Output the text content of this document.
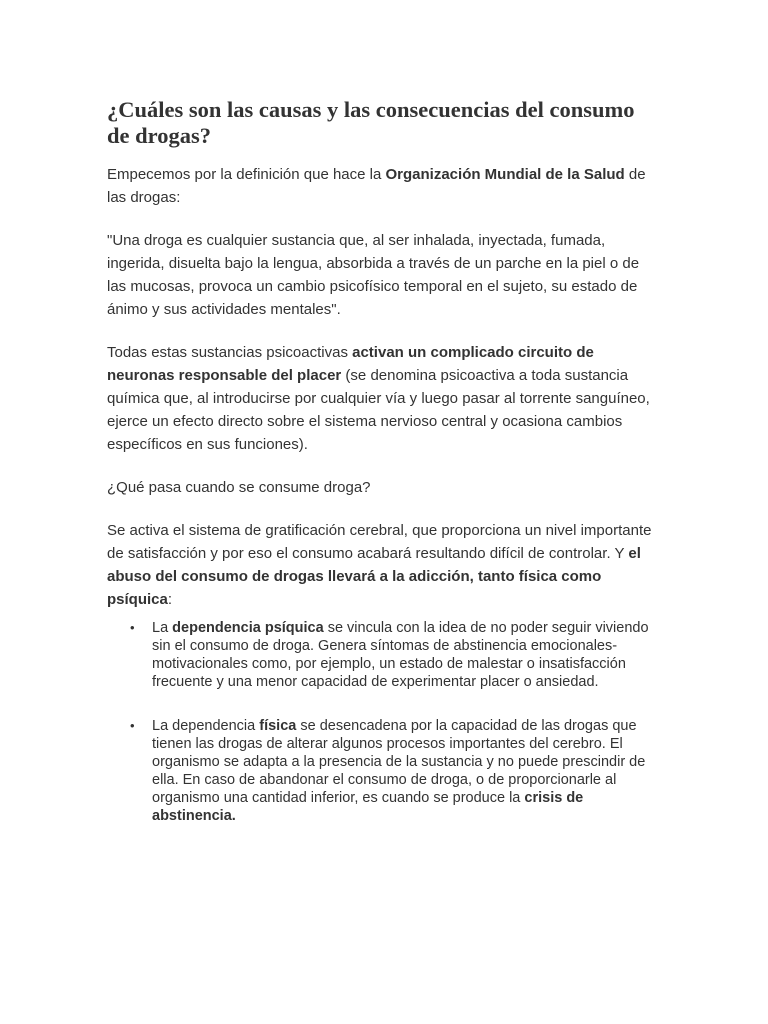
¿Cuáles son las causas y las consecuencias del consumo de drogas?

Empecemos por la definición que hace la Organización Mundial de la Salud de las drogas:

"Una droga es cualquier sustancia que, al ser inhalada, inyectada, fumada, ingerida, disuelta bajo la lengua, absorbida a través de un parche en la piel o de las mucosas, provoca un cambio psicofísico temporal en el sujeto, su estado de ánimo y sus actividades mentales".

Todas estas sustancias psicoactivas activan un complicado circuito de neuronas responsable del placer (se denomina psicoactiva a toda sustancia química que, al introducirse por cualquier vía y luego pasar al torrente sanguíneo, ejerce un efecto directo sobre el sistema nervioso central y ocasiona cambios específicos en sus funciones).

¿Qué pasa cuando se consume droga?

Se activa el sistema de gratificación cerebral, que proporciona un nivel importante de satisfacción y por eso el consumo acabará resultando difícil de controlar. Y el abuso del consumo de drogas llevará a la adicción, tanto física como psíquica:

• La dependencia psíquica se vincula con la idea de no poder seguir viviendo sin el consumo de droga. Genera síntomas de abstinencia emocionales-motivacionales como, por ejemplo, un estado de malestar o insatisfacción frecuente y una menor capacidad de experimentar placer o ansiedad.
• La dependencia física se desencadena por la capacidad de las drogas que tienen las drogas de alterar algunos procesos importantes del cerebro. El organismo se adapta a la presencia de la sustancia y no puede prescindir de ella. En caso de abandonar el consumo de droga, o de proporcionarle al organismo una cantidad inferior, es cuando se produce la crisis de abstinencia.
